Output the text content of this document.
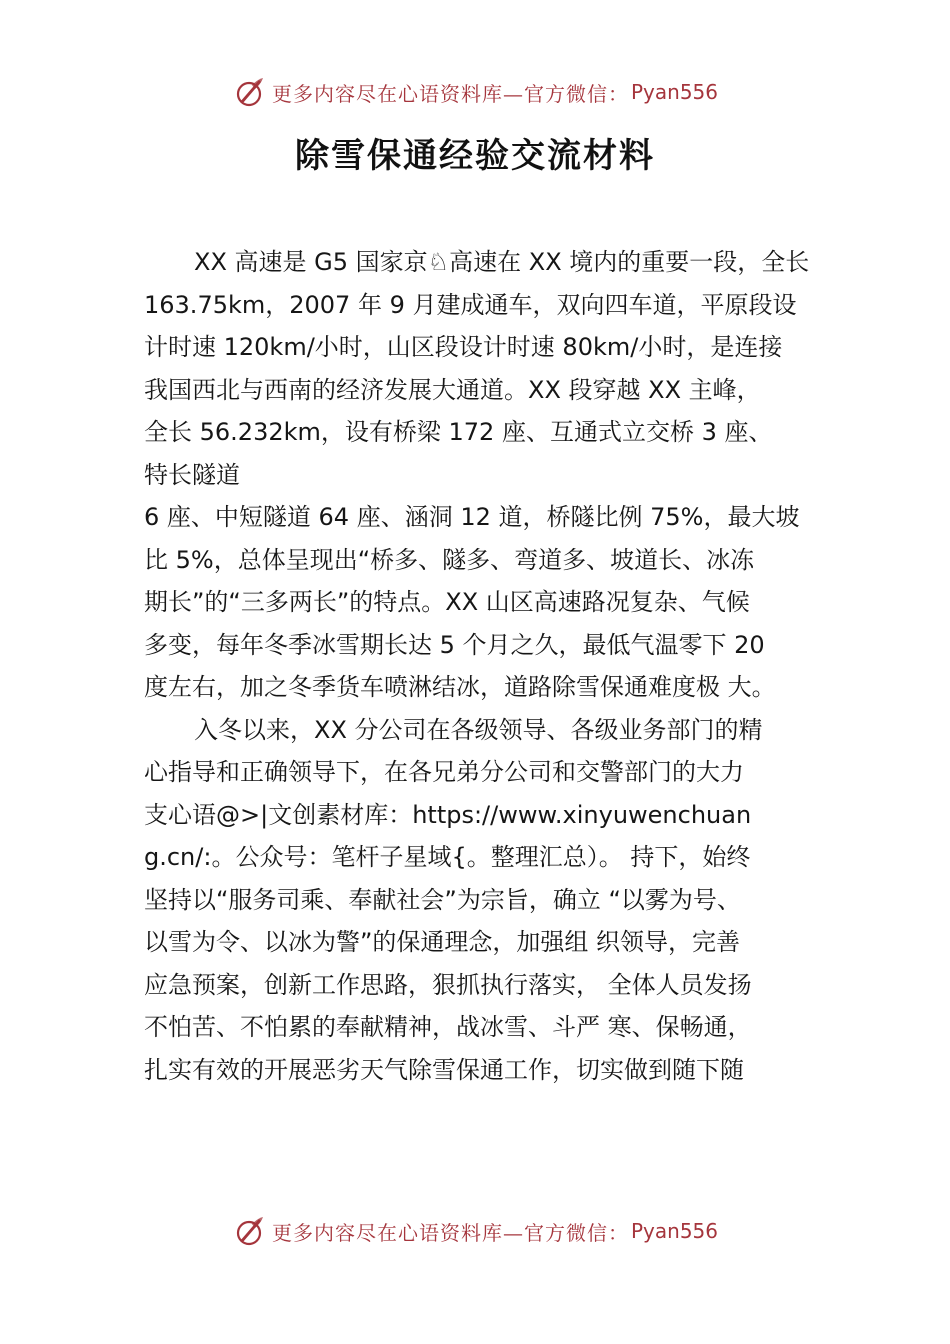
更多内容尽在心语资料库—官方微信： Pyan556
除雪保通经验交流材料
XX 高速是 G5 国家京♘高速在 XX 境内的重要一段，全长
163.75km，2007 年 9 月建成通车，双向四车道，平原段设
计时速 120km/小时，山区段设计时速 80km/小时，是连接
我国西北与西南的经济发展大通道。XX 段穿越 XX 主峰，
全长 56.232km，设有桥梁 172 座、互通式立交桥 3 座、
特长隧道
6 座、中短隧道 64 座、涵洞 12 道，桥隧比例 75%，最大坡
比 5%，总体呈现出“桥多、隧多、弯道多、坡道长、冰冻
期长”的“三多两长”的特点。XX 山区高速路况复杂、气候
多变，每年冬季冰雪期长达 5 个月之久，最低气温零下 20
度左右，加之冬季货车喷淋结冰，道路除雪保通难度极 大。
入冬以来，XX 分公司在各级领导、各级业务部门的精
心指导和正确领导下，在各兄弟分公司和交警部门的大力
支心语@>|文创素材库：https://www.xinyuwenchuan
g.cn/:。公众号：笔杆子星域{。整理汇总）。 持下，始终
坚持以“服务司乘、奉献社会”为宗旨，确立 “以雾为号、
以雪为令、以冰为警”的保通理念，加强组 织领导，完善
应急预案，创新工作思路，狠抓执行落实， 全体人员发扬
不怕苦、不怕累的奉献精神，战冰雪、斗严 寒、保畅通，
扎实有效的开展恶劣天气除雪保通工作，切实做到随下随
更多内容尽在心语资料库—官方微信： Pyan556
